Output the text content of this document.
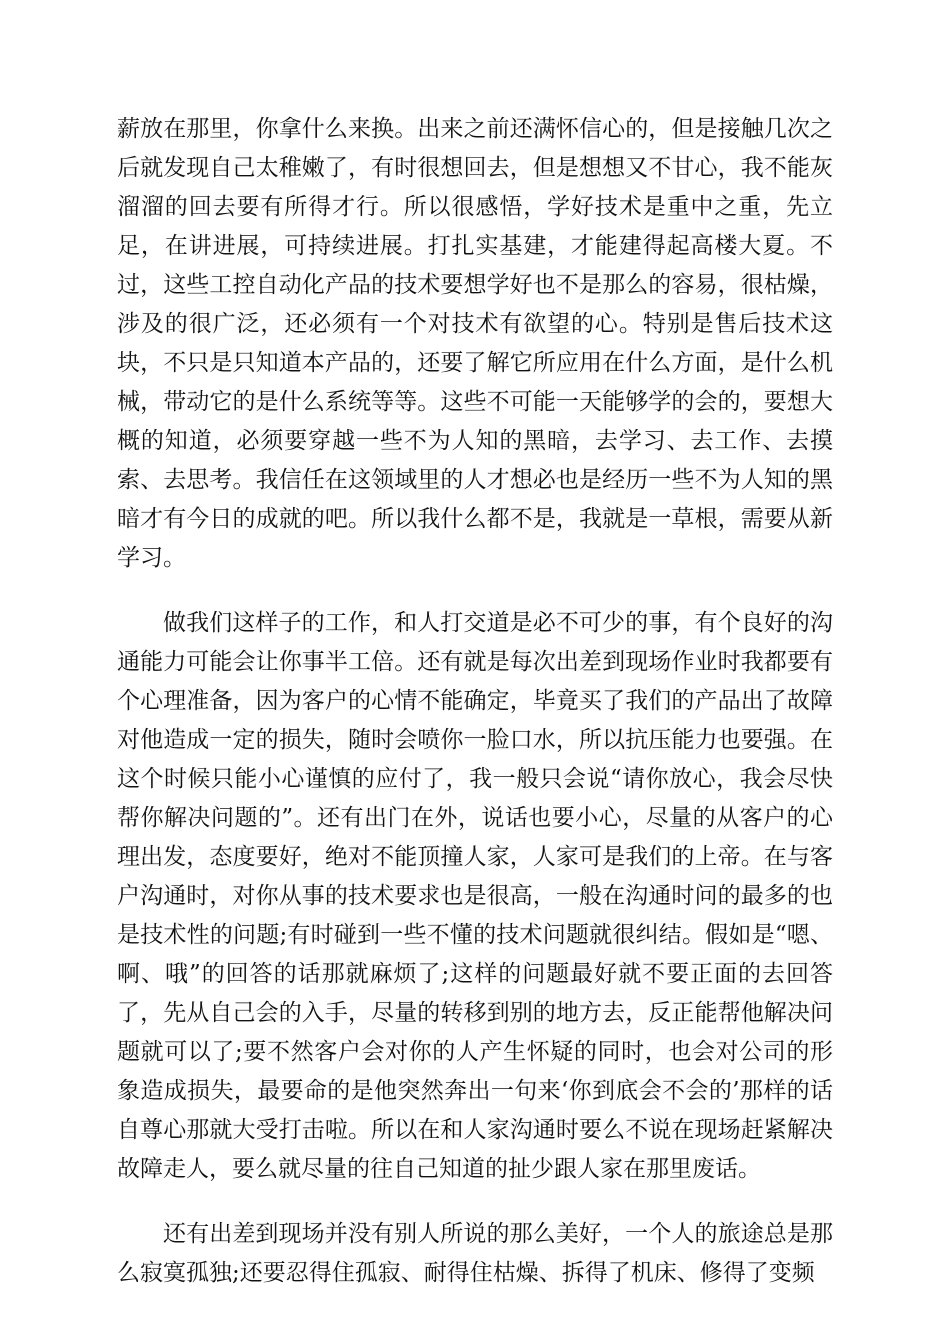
薪放在那里，你拿什么来换。出来之前还满怀信心的，但是接触几次之后就发现自己太稚嫩了，有时很想回去，但是想想又不甘心，我不能灰溜溜的回去要有所得才行。所以很感悟，学好技术是重中之重，先立足，在讲进展，可持续进展。打扎实基建，才能建得起高楼大夏。不过，这些工控自动化产品的技术要想学好也不是那么的容易，很枯燥，涉及的很广泛，还必须有一个对技术有欲望的心。特别是售后技术这块，不只是只知道本产品的，还要了解它所应用在什么方面，是什么机械，带动它的是什么系统等等。这些不可能一天能够学的会的，要想大概的知道，必须要穿越一些不为人知的黑暗，去学习、去工作、去摸索、去思考。我信任在这领域里的人才想必也是经历一些不为人知的黑暗才有今日的成就的吧。所以我什么都不是，我就是一草根，需要从新学习。

做我们这样子的工作，和人打交道是必不可少的事，有个良好的沟通能力可能会让你事半工倍。还有就是每次出差到现场作业时我都要有个心理准备，因为客户的心情不能确定，毕竟买了我们的产品出了故障对他造成一定的损失，随时会喷你一脸口水，所以抗压能力也要强。在这个时候只能小心谨慎的应付了，我一般只会说“请你放心，我会尽快帮你解决问题的”。还有出门在外，说话也要小心，尽量的从客户的心理出发，态度要好，绝对不能顶撞人家，人家可是我们的上帝。在与客户沟通时，对你从事的技术要求也是很高，一般在沟通时问的最多的也是技术性的问题;有时碰到一些不懂的技术问题就很纠结。假如是“嗯、啊、哦”的回答的话那就麻烦了;这样的问题最好就不要正面的去回答了，先从自己会的入手，尽量的转移到别的地方去，反正能帮他解决问题就可以了;要不然客户会对你的人产生怀疑的同时，也会对公司的形象造成损失，最要命的是他突然奔出一句来‘你到底会不会的’那样的话自尊心那就大受打击啦。所以在和人家沟通时要么不说在现场赶紧解决故障走人，要么就尽量的往自己知道的扯少跟人家在那里废话。

还有出差到现场并没有别人所说的那么美好，一个人的旅途总是那么寂寞孤独;还要忍得住孤寂、耐得住枯燥、拆得了机床、修得了变频
